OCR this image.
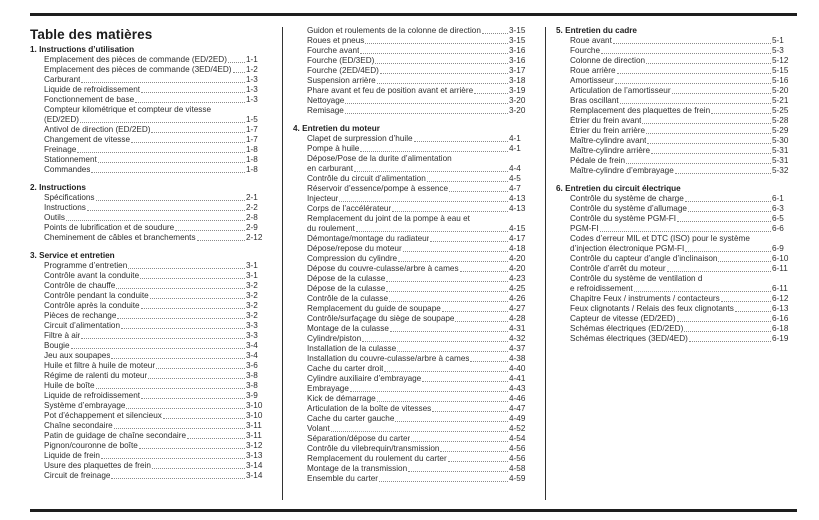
Table des matières
1. Instructions d’utilisation
Emplacement des pièces de commande (ED/2ED) 1-1
Emplacement des pièces de commande (3ED/4ED) 1-2
Carburant	1-3
Liquide de refroidissement	1-3
Fonctionnement de base	1-3
Compteur kilométrique et compteur de vitesse
(ED/2ED)	1-5
Antivol de direction (ED/2ED)	1-7
Changement de vitesse	1-7
Freinage	1-8
Stationnement	1-8
Commandes	1-8
2. Instructions
Spécifications	2-1
Instructions	2-2
Outils	2-8
Points de lubrification et de soudure	2-9
Cheminement de câbles et branchements	2-12
3. Service et entretien
Programme d’entretien	3-1
Contrôle avant la conduite	3-1
Contrôle de chauffe	3-2
Contrôle pendant la conduite	3-2
Contrôle après la conduite	3-2
Pièces de rechange	3-2
Circuit d’alimentation	3-3
Filtre à air	3-3
Bougie	3-4
Jeu aux soupapes	3-4
Huile et filtre à huile de moteur	3-6
Régime de ralenti du moteur	3-8
Huile de boîte	3-8
Liquide de refroidissement	3-9
Système d’embrayage	3-10
Pot d’échappement et silencieux	3-10
Chaîne secondaire	3-11
Patin de guidage de chaîne secondaire	3-11
Pignon/couronne de boîte	3-12
Liquide de frein	3-13
Usure des plaquettes de frein	3-14
Circuit de freinage	3-14
Guidon et roulements de la colonne de direction	3-15
Roues et pneus	3-15
Fourche avant	3-16
Fourche (ED/3ED)	3-16
Fourche (2ED/4ED)	3-17
Suspension arrière	3-18
Phare avant et feu de position avant et arrière	3-19
Nettoyage	3-20
Remisage	3-20
4. Entretien du moteur
Clapet de surpression d’huile	4-1
Pompe à huile	4-1
Dépose/Pose de la durite d’alimentation
en carburant	4-4
Contrôle du circuit d’alimentation	4-5
Réservoir d’essence/pompe à essence	4-7
Injecteur	4-13
Corps de l’accélérateur	4-13
Remplacement du joint de la pompe à eau et
du roulement	4-15
Démontage/montage du radiateur	4-17
Dépose/repose du moteur	4-18
Compression du cylindre	4-20
Dépose du couvre-culasse/arbre à cames	4-20
Dépose de la culasse	4-23
Dépose de la culasse	4-25
Contrôle de la culasse	4-26
Remplacement du guide de soupape	4-27
Contrôle/surfaçage du siège de soupape	4-28
Montage de la culasse	4-31
Cylindre/piston	4-32
Installation de la culasse	4-37
Installation du couvre-culasse/arbre à cames	4-38
Cache du carter droit	4-40
Cylindre auxiliaire d’embrayage	4-41
Embrayage	4-43
Kick de démarrage	4-46
Articulation de la boîte de vitesses	4-47
Cache du carter gauche	4-49
Volant	4-52
Séparation/dépose du carter	4-54
Contrôle du vilebrequin/transmission	4-56
Remplacement du roulement du carter	4-56
Montage de la transmission	4-58
Ensemble du carter	4-59
5. Entretien du cadre
Roue avant	5-1
Fourche	5-3
Colonne de direction	5-12
Roue arrière	5-15
Amortisseur	5-16
Articulation de l’amortisseur	5-20
Bras oscillant	5-21
Remplacement des plaquettes de frein	5-25
Étrier du frein avant	5-28
Étrier du frein arrière	5-29
Maître-cylindre avant	5-30
Maître-cylindre arrière	5-31
Pédale de frein	5-31
Maître-cylindre d’embrayage	5-32
6. Entretien du circuit électrique
Contrôle du système de charge	6-1
Contrôle du système d’allumage	6-3
Contrôle du système PGM-FI	6-5
PGM-FI	6-6
Codes d’erreur MIL et DTC (ISO) pour le système
d’injection électronique PGM-FI	6-9
Contrôle du capteur d’angle d’inclinaison	6-10
Contrôle d’arrêt du moteur	6-11
Contrôle du système de ventilation d
e refroidissement	6-11
Chapitre Feux / instruments / contacteurs	6-12
Feux clignotants / Relais des feux clignotants	6-13
Capteur de vitesse (ED/2ED)	6-16
Schémas électriques (ED/2ED)	6-18
Schémas électriques (3ED/4ED)	6-19
